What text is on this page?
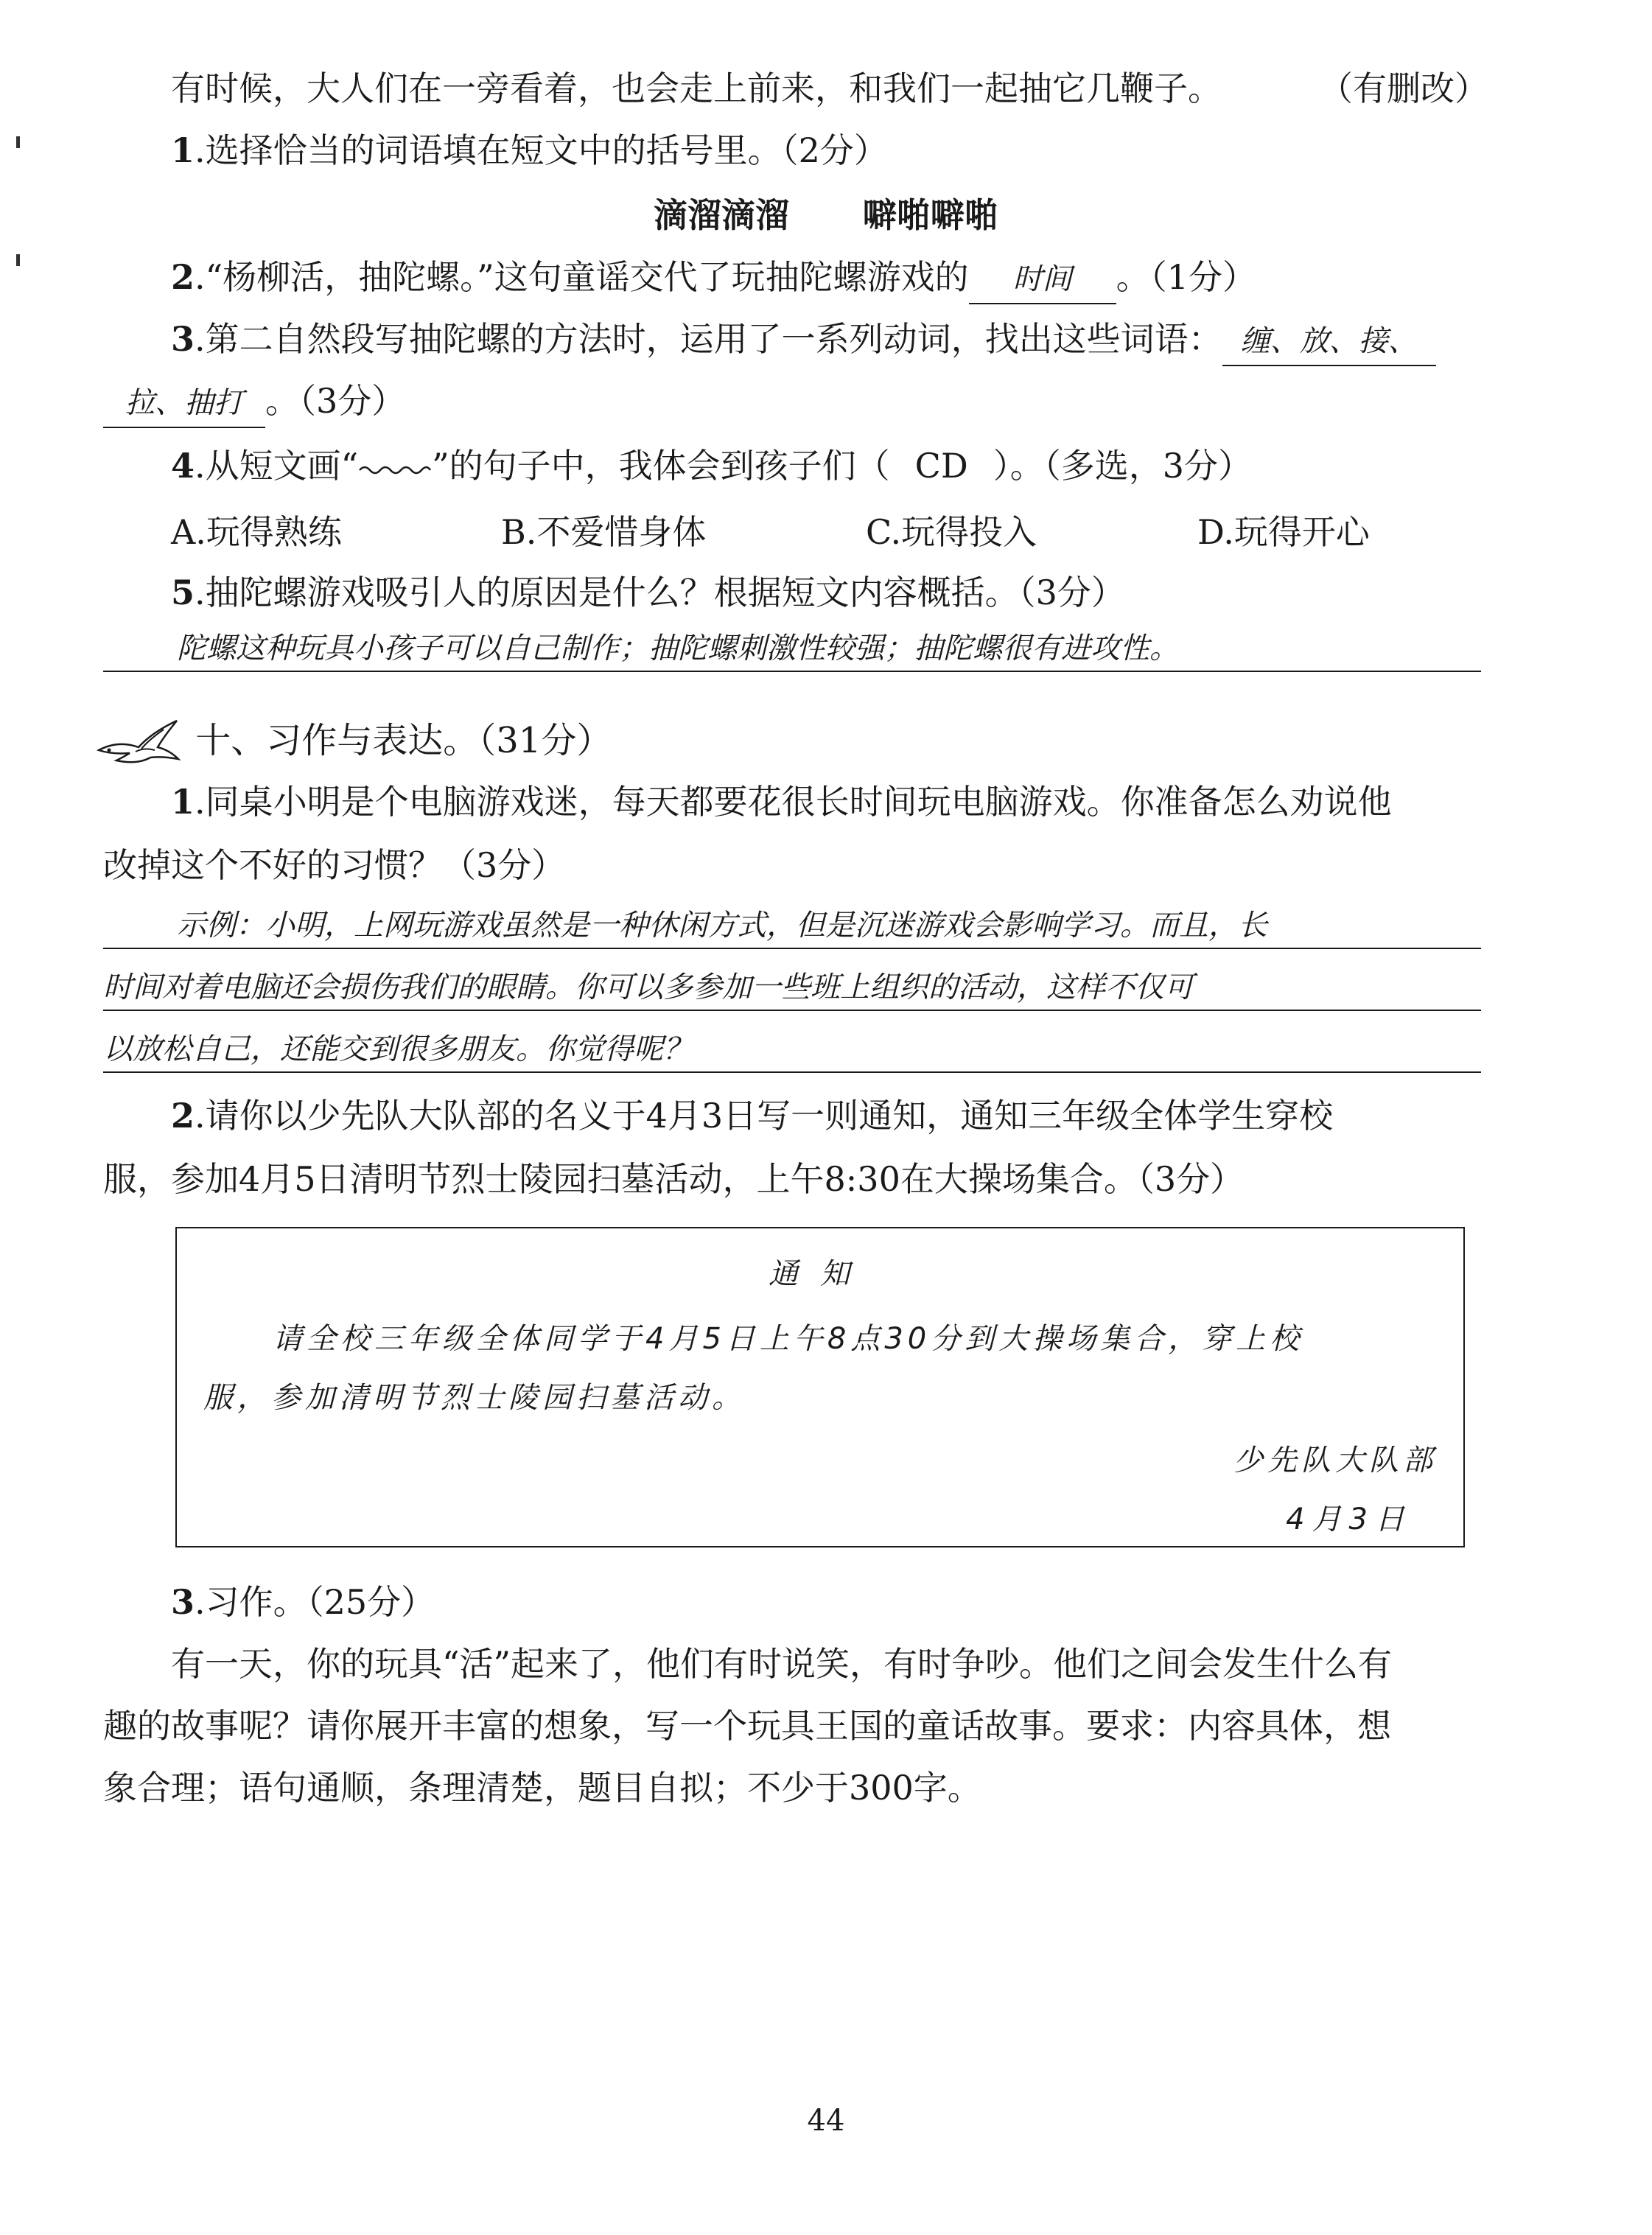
有时候，大人们在一旁看着，也会走上前来，和我们一起抽它几鞭子。	（有删改）
1.选择恰当的词语填在短文中的括号里。（2分）
滴溜滴溜 噼啪噼啪
2.“杨柳活，抽陀螺。”这句童谣交代了玩抽陀螺游戏的 时间 。（1分）
3.第二自然段写抽陀螺的方法时，运用了一系列动词，找出这些词语： 缠、放、接、
拉、抽打 。（3分）
4.从短文画“ ”的句子中，我体会到孩子们（ CD ）。（多选，3分）
A.玩得熟练	B.不爱惜身体	C.玩得投入	D.玩得开心
5.抽陀螺游戏吸引人的原因是什么？根据短文内容概括。（3分）
陀螺这种玩具小孩子可以自己制作；抽陀螺刺激性较强；抽陀螺很有进攻性。
十、习作与表达。（31分）
1.同桌小明是个电脑游戏迷，每天都要花很长时间玩电脑游戏。你准备怎么劝说他
改掉这个不好的习惯？（3分）
示例：小明，上网玩游戏虽然是一种休闲方式，但是沉迷游戏会影响学习。而且，长
时间对着电脑还会损伤我们的眼睛。你可以多参加一些班上组织的活动，这样不仅可
以放松自己，还能交到很多朋友。你觉得呢？
2.请你以少先队大队部的名义于4月3日写一则通知，通知三年级全体学生穿校
服，参加4月5日清明节烈士陵园扫墓活动，上午8:30在大操场集合。（3分）
通知
请全校三年级全体同学于4月5日上午8点30分到大操场集合，穿上校
服，参加清明节烈士陵园扫墓活动。
少先队大队部
4月3日
3.习作。（25分）
有一天，你的玩具“活”起来了，他们有时说笑，有时争吵。他们之间会发生什么有
趣的故事呢？请你展开丰富的想象，写一个玩具王国的童话故事。要求：内容具体，想
象合理；语句通顺，条理清楚，题目自拟；不少于300字。
44
